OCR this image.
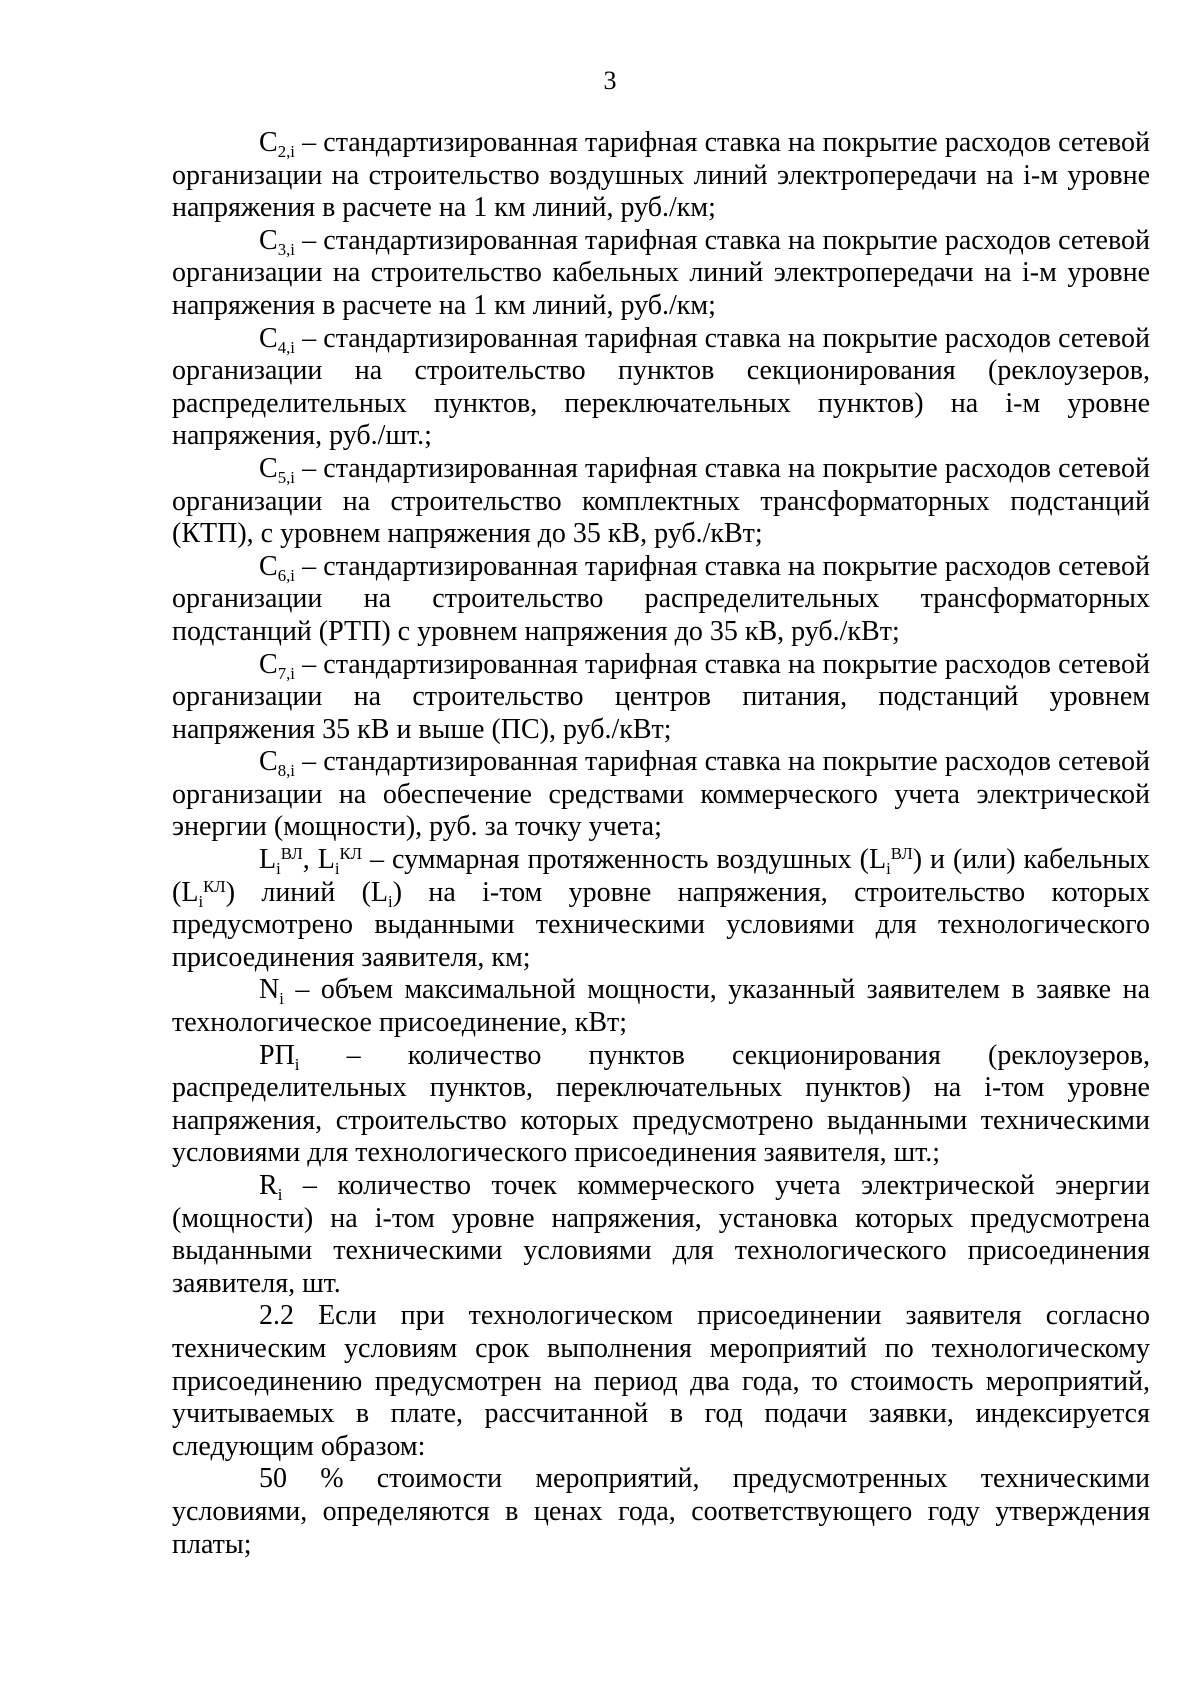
3

$C_{2,i}$ – стандартизированная тарифная ставка на покрытие расходов сетевой организации на строительство воздушных линий электропередачи на i-м уровне напряжения в расчете на 1 км линий, руб./км;

$C_{3,i}$ – стандартизированная тарифная ставка на покрытие расходов сетевой организации на строительство кабельных линий электропередачи на i-м уровне напряжения в расчете на 1 км линий, руб./км;

$C_{4,i}$ – стандартизированная тарифная ставка на покрытие расходов сетевой организации на строительство пунктов секционирования (реклоузеров, распределительных пунктов, переключательных пунктов) на i-м уровне напряжения, руб./шт.;

$C_{5,i}$ – стандартизированная тарифная ставка на покрытие расходов сетевой организации на строительство комплектных трансформаторных подстанций (КТП), с уровнем напряжения до 35 кВ, руб./кВт;

$C_{6,i}$ – стандартизированная тарифная ставка на покрытие расходов сетевой организации на строительство распределительных трансформаторных подстанций (РТП) с уровнем напряжения до 35 кВ, руб./кВт;

$C_{7,i}$ – стандартизированная тарифная ставка на покрытие расходов сетевой организации на строительство центров питания, подстанций уровнем напряжения 35 кВ и выше (ПС), руб./кВт;

$C_{8,i}$ – стандартизированная тарифная ставка на покрытие расходов сетевой организации на обеспечение средствами коммерческого учета электрической энергии (мощности), руб. за точку учета;

$L_i^{ВЛ}$, $L_i^{КЛ}$ – суммарная протяженность воздушных $(L_i^{ВЛ})$ и (или) кабельных $(L_i^{КЛ})$ линий $(L_i)$ на i-том уровне напряжения, строительство которых предусмотрено выданными техническими условиями для технологического присоединения заявителя, км;

$N_i$ – объем максимальной мощности, указанный заявителем в заявке на технологическое присоединение, кВт;

$РП_i$ – количество пунктов секционирования (реклоузеров, распределительных пунктов, переключательных пунктов) на i-том уровне напряжения, строительство которых предусмотрено выданными техническими условиями для технологического присоединения заявителя, шт.;

$R_i$ – количество точек коммерческого учета электрической энергии (мощности) на i-том уровне напряжения, установка которых предусмотрена выданными техническими условиями для технологического присоединения заявителя, шт.

2.2 Если при технологическом присоединении заявителя согласно техническим условиям срок выполнения мероприятий по технологическому присоединению предусмотрен на период два года, то стоимость мероприятий, учитываемых в плате, рассчитанной в год подачи заявки, индексируется следующим образом:

50 % стоимости мероприятий, предусмотренных техническими условиями, определяются в ценах года, соответствующего году утверждения платы;
